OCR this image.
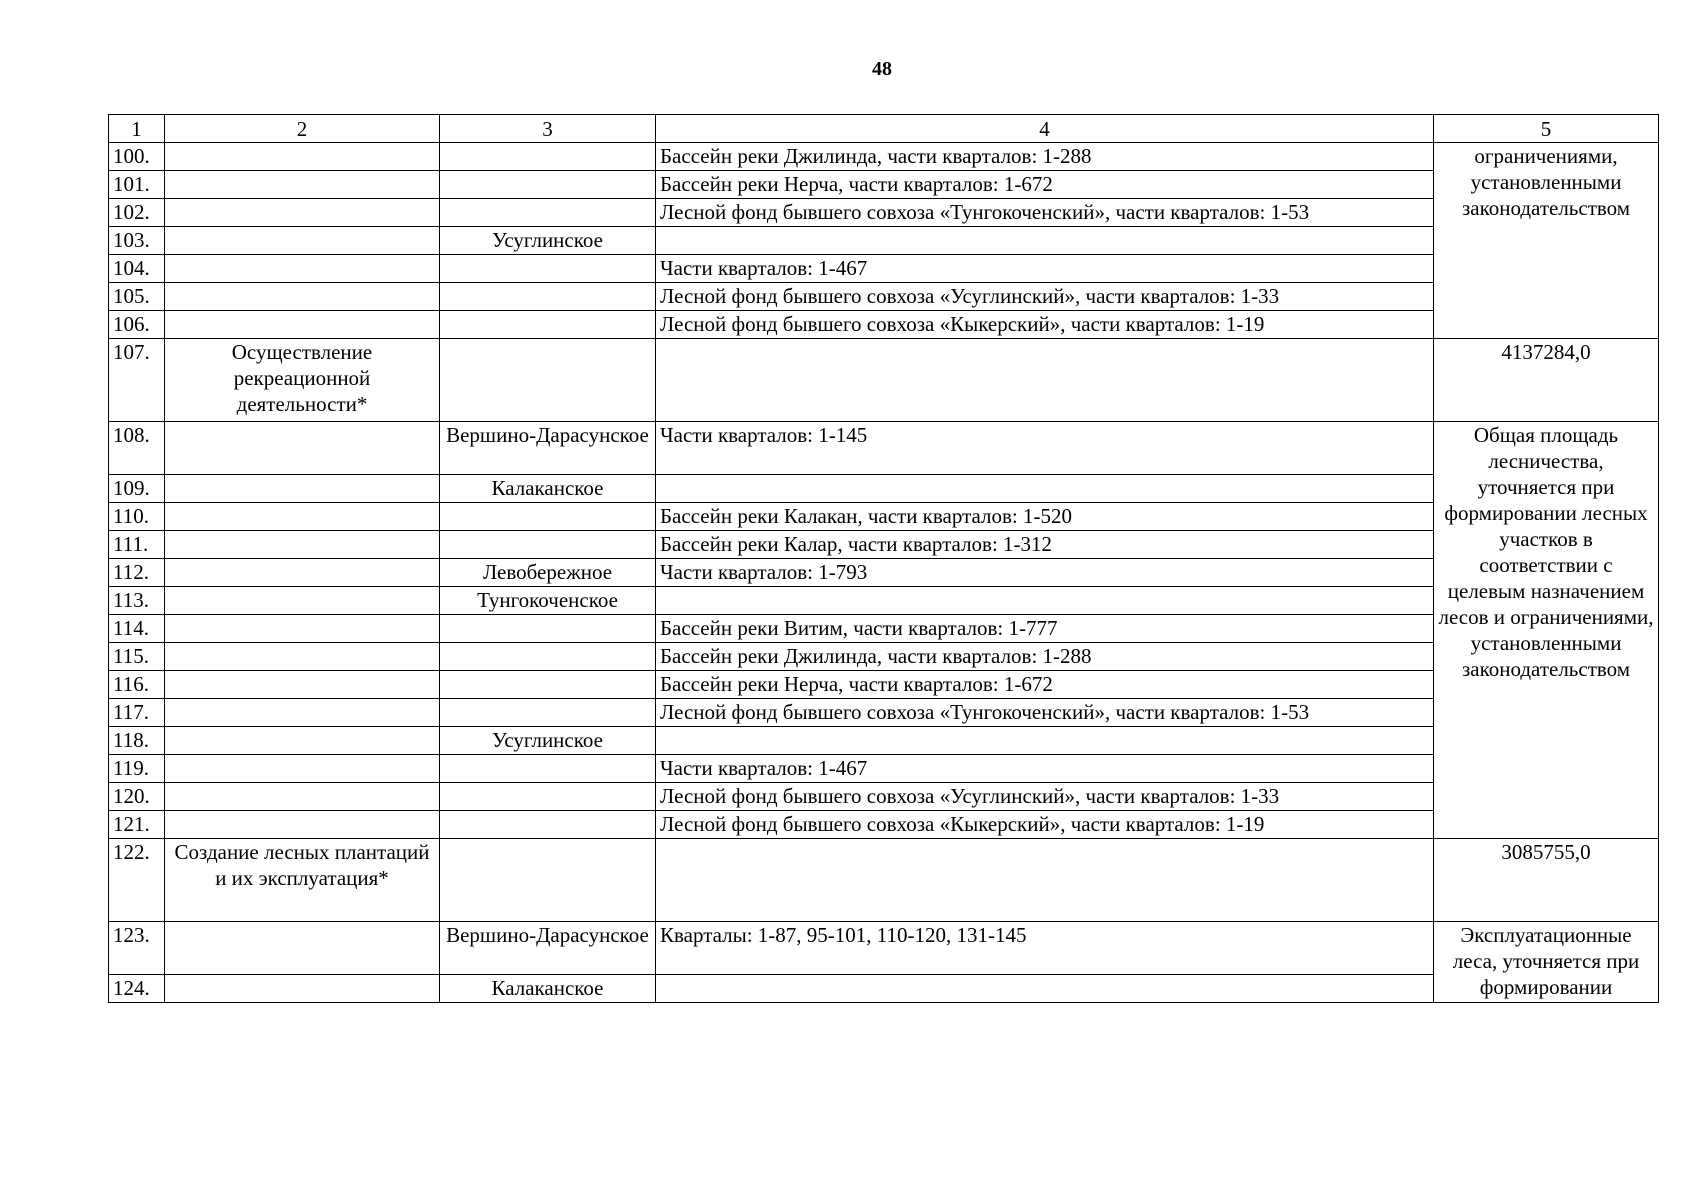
48
1	2	3	4	5
100.			Бассейн реки Джилинда, части кварталов: 1-288	ограничениями, установленными законодательством
101.			Бассейн реки Нерча, части кварталов: 1-672	
102.			Лесной фонд бывшего совхоза «Тунгокоченский», части кварталов: 1-53	
103.		Усуглинское		
104.			Части кварталов: 1-467	
105.			Лесной фонд бывшего совхоза «Усуглинский», части кварталов: 1-33	
106.			Лесной фонд бывшего совхоза «Кыкерский», части кварталов: 1-19	
107.	Осуществление рекреационной деятельности*			4137284,0
108.		Вершино-Дарасунское	Части кварталов: 1-145	Общая площадь лесничества, уточняется при формировании лесных участков в соответствии с целевым назначением лесов и ограничениями, установленными законодательством
109.		Калаканское		
110.			Бассейн реки Калакан, части кварталов: 1-520	
111.			Бассейн реки Калар, части кварталов: 1-312	
112.		Левобережное	Части кварталов: 1-793	
113.		Тунгокоченское		
114.			Бассейн реки Витим, части кварталов: 1-777	
115.			Бассейн реки Джилинда, части кварталов: 1-288	
116.			Бассейн реки Нерча, части кварталов: 1-672	
117.			Лесной фонд бывшего совхоза «Тунгокоченский», части кварталов: 1-53	
118.		Усуглинское		
119.			Части кварталов: 1-467	
120.			Лесной фонд бывшего совхоза «Усуглинский», части кварталов: 1-33	
121.			Лесной фонд бывшего совхоза «Кыкерский», части кварталов: 1-19	
122.	Создание лесных плантаций и их эксплуатация*			3085755,0
123.		Вершино-Дарасунское	Кварталы: 1-87, 95-101, 110-120, 131-145	Эксплуатационные леса, уточняется при формировании
124.		Калаканское		
